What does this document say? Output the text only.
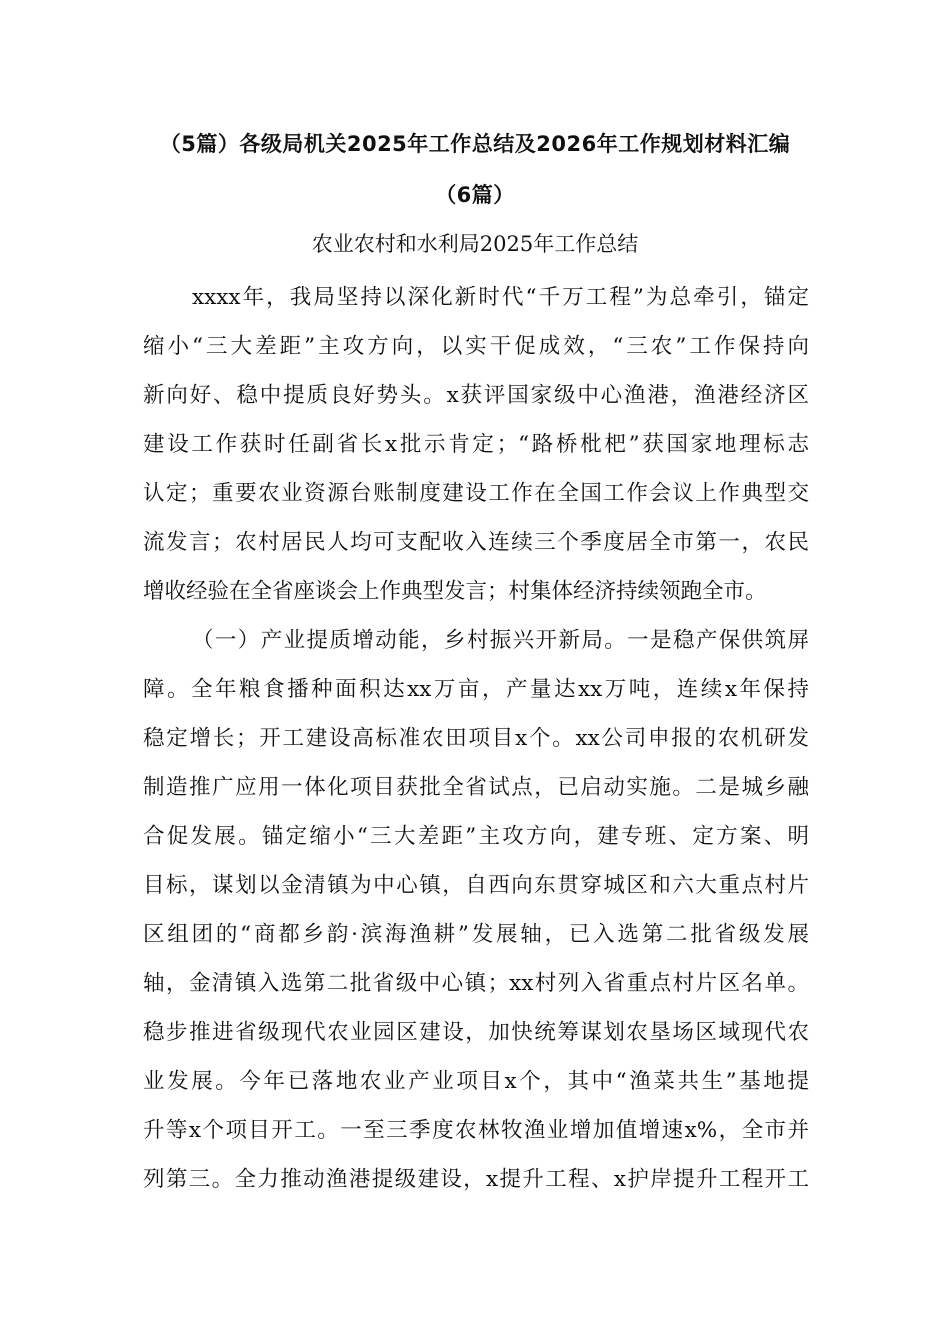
（5篇）各级局机关2025年工作总结及2026年工作规划材料汇编
（6篇）
农业农村和水利局2025年工作总结
xxxx年，我局坚持以深化新时代“千万工程”为总牵引，锚定
缩小“三大差距”主攻方向，以实干促成效，“三农”工作保持向
新向好、稳中提质良好势头。x获评国家级中心渔港，渔港经济区
建设工作获时任副省长x批示肯定；“路桥枇杷”获国家地理标志
认定；重要农业资源台账制度建设工作在全国工作会议上作典型交
流发言；农村居民人均可支配收入连续三个季度居全市第一，农民
增收经验在全省座谈会上作典型发言；村集体经济持续领跑全市。
（一）产业提质增动能，乡村振兴开新局。一是稳产保供筑屏
障。全年粮食播种面积达xx万亩，产量达xx万吨，连续x年保持
稳定增长；开工建设高标准农田项目x个。xx公司申报的农机研发
制造推广应用一体化项目获批全省试点，已启动实施。二是城乡融
合促发展。锚定缩小“三大差距”主攻方向，建专班、定方案、明
目标，谋划以金清镇为中心镇，自西向东贯穿城区和六大重点村片
区组团的“商都乡韵·滨海渔耕”发展轴，已入选第二批省级发展
轴，金清镇入选第二批省级中心镇；xx村列入省重点村片区名单。
稳步推进省级现代农业园区建设，加快统筹谋划农垦场区域现代农
业发展。今年已落地农业产业项目x个，其中“渔菜共生”基地提
升等x个项目开工。一至三季度农林牧渔业增加值增速x%，全市并
列第三。全力推动渔港提级建设，x提升工程、x护岸提升工程开工
